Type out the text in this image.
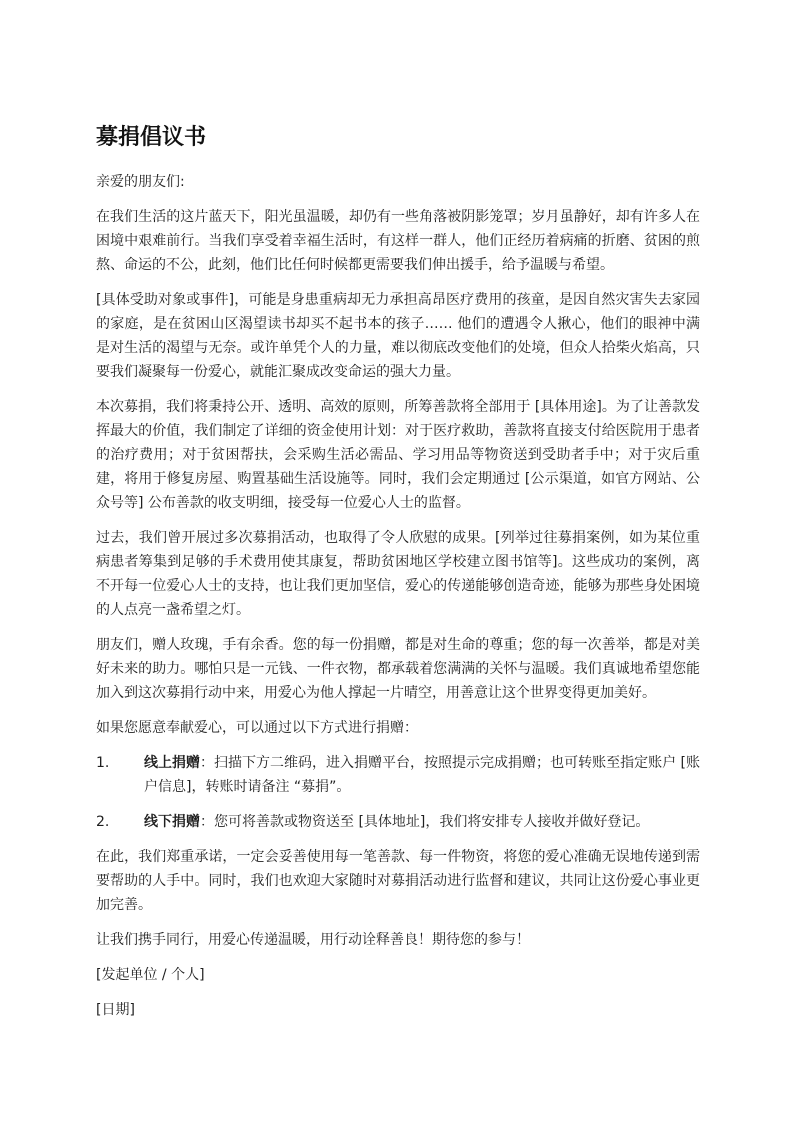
募捐倡议书

亲爱的朋友们:

在我们生活的这片蓝天下，阳光虽温暖，却仍有一些角落被阴影笼罩；岁月虽静好，却有许多人在困境中艰难前行。当我们享受着幸福生活时，有这样一群人，他们正经历着病痛的折磨、贫困的煎熬、命运的不公，此刻，他们比任何时候都更需要我们伸出援手，给予温暖与希望。

[具体受助对象或事件]，可能是身患重病却无力承担高昂医疗费用的孩童，是因自然灾害失去家园的家庭，是在贫困山区渴望读书却买不起书本的孩子…… 他们的遭遇令人揪心，他们的眼神中满是对生活的渴望与无奈。或许单凭个人的力量，难以彻底改变他们的处境，但众人拾柴火焰高，只要我们凝聚每一份爱心，就能汇聚成改变命运的强大力量。

本次募捐，我们将秉持公开、透明、高效的原则，所筹善款将全部用于 [具体用途]。为了让善款发挥最大的价值，我们制定了详细的资金使用计划：对于医疗救助，善款将直接支付给医院用于患者的治疗费用；对于贫困帮扶，会采购生活必需品、学习用品等物资送到受助者手中；对于灾后重建，将用于修复房屋、购置基础生活设施等。同时，我们会定期通过 [公示渠道，如官方网站、公众号等] 公布善款的收支明细，接受每一位爱心人士的监督。

过去，我们曾开展过多次募捐活动，也取得了令人欣慰的成果。[列举过往募捐案例，如为某位重病患者筹集到足够的手术费用使其康复，帮助贫困地区学校建立图书馆等]。这些成功的案例，离不开每一位爱心人士的支持，也让我们更加坚信，爱心的传递能够创造奇迹，能够为那些身处困境的人点亮一盏希望之灯。

朋友们，赠人玫瑰，手有余香。您的每一份捐赠，都是对生命的尊重；您的每一次善举，都是对美好未来的助力。哪怕只是一元钱、一件衣物，都承载着您满满的关怀与温暖。我们真诚地希望您能加入到这次募捐行动中来，用爱心为他人撑起一片晴空，用善意让这个世界变得更加美好。

如果您愿意奉献爱心，可以通过以下方式进行捐赠：

1.	线上捐赠：扫描下方二维码，进入捐赠平台，按照提示完成捐赠；也可转账至指定账户 [账户信息]，转账时请备注 “募捐”。
2.	线下捐赠：您可将善款或物资送至 [具体地址]，我们将安排专人接收并做好登记。

在此，我们郑重承诺，一定会妥善使用每一笔善款、每一件物资，将您的爱心准确无误地传递到需要帮助的人手中。同时，我们也欢迎大家随时对募捐活动进行监督和建议，共同让这份爱心事业更加完善。

让我们携手同行，用爱心传递温暖，用行动诠释善良！期待您的参与！

[发起单位 / 个人]

[日期]
